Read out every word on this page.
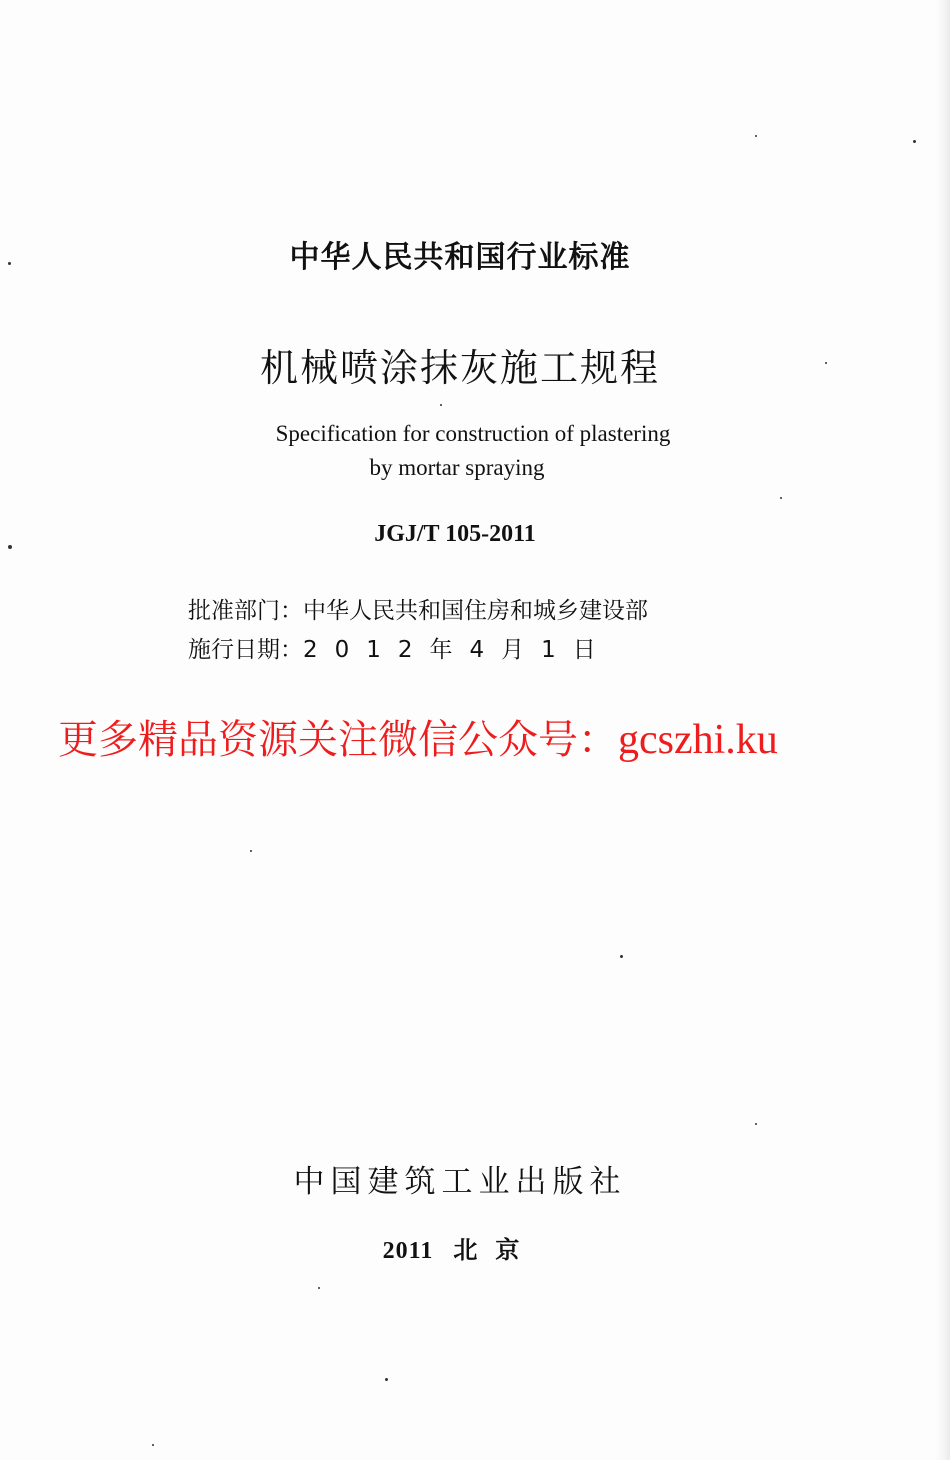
中华人民共和国行业标准
机械喷涂抹灰施工规程
Specification for construction of plastering
by mortar spraying
JGJ/T 105-2011
批准部门：中华人民共和国住房和城乡建设部
施行日期：2012年4月1日
更多精品资源关注微信公众号：gcszhi.ku
中国建筑工业出版社
2011 北京
